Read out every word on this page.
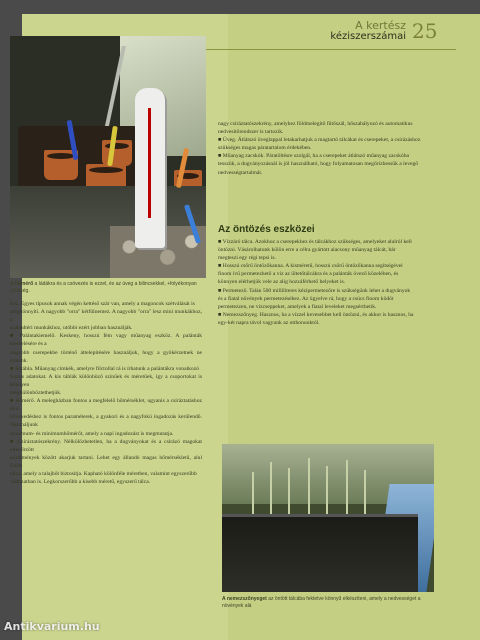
A hőmérő a ládákra és a csövezés is ezzel, és az üveg a bilincsekkel, +folyékonyan szükség.

koz. Egyes típusok annak végén kettéső szár van, amely a magoncok szétválását is

megkönnyíti. A nagyobb "orra" kétfülnemez. A nagyobb "orra" lesz mini munkákhoz, a

szabadtéri munkákhoz, utóbbi ezért jobban használják.

■ Palántakiemelő. Keskeny, hosszú fém vagy műanyag eszköz. A palánták kiemelésére és a

nagyobb cserepekbe történő áttelepítésére használjuk, hogy a gyökérzetnek ne ártsunk.

■ Jeltábla. Műanyag címkék, amelyre filctollal rá is írhatunk a palántákra vonatkozó

fontos adatokat. A kis táblák különböző színűek és méretűek, így a csoportokat is könnyen

megkülönböztethetjük.

■ Hőmérő. A melegházban fontos a megfelelő hőmérséklet, ugyanis a csíráztatáshoz és a

növekedéshez is fontos paraméterek, a gyakori és a nagyfokú ingadozás kerülendő. Használjunk

maximum- és minimumhőmérőt, amely a napi ingadozást is megmutatja.

■ Csíráztatószekrény. Nélkülözhetetlen, ha a dugványokat és a csírázó magokat ellenőrzött

körülmények között akarjuk tartani. Lehet egy állandó magas hőmérsékletű, alul fűtött

tálca, amely a talajhőt biztosítja. Kapható különféle méretben, valamint egyszerűbb

változatban is. Legkorszerűbb a kisebb méretű, egyszerű tálca.

A kertész
kéziszerszámai 25

nagy csíráztatószekrény, amelyhez földmelegítő fűtőszál, hőszabályozó és automatikus

nedvesítőrendszer is tartozik.

■ Üveg. Átlátszó üveglappal letakarhatjuk a magtartó tálcákat és cserepeket, a csírázáshoz

szükséges magas páratartalom érdekében.

■ Műanyag zacskók. Páratöltésre szolgál, ha a cserepeket átlátszó műanyag zacskóba

tesszük, a dugványozásnál is jól használható, hogy folyamatosan megőrizhessük a levegő

nedvességtartalmát.

Az öntözés eszközei

■ Vízzáró tálca. Azokhoz a cserepekhez és tálcákhoz szükséges, amelyeket alulról kell

öntözni. Vásárolhatunk külön erre a célra gyártott alacsony műanyag tálcát, bár

megteszi egy régi tepsi is.

■ Hosszú csőrű öntözőkanna. A kisméretű, hosszú csőrű öntözőkanna segítségével

finom ívű permetezhető a víz az ültetőtálcákra és a palánták övező közelében, és

könnyen elérhetjük vele az alig hozzáférhető helyeket is.

■ Permetező. Talán 500 milliliteres kézipermetezőre is szükségünk lehet a dugványok

és a fiatal növények permetezéséhez. Az ügyelve rá, hogy a csúcs finom ködöt

permetezzen, ne vízcseppeket, amelyek a fiatal leveleket megsérthetik.

■ Nemezszőnyeg. Hasznos, ha a vízzel kevesebbet kell öntözni, és akkor is hasznos, ha

egy-két napra távol vagyunk az otthonunktól.

A nemezszőnyeget az öntött tálcába fektetve könnyű elkészíteni, amely a nedvességet a növények alá
Antikvarium.hu
